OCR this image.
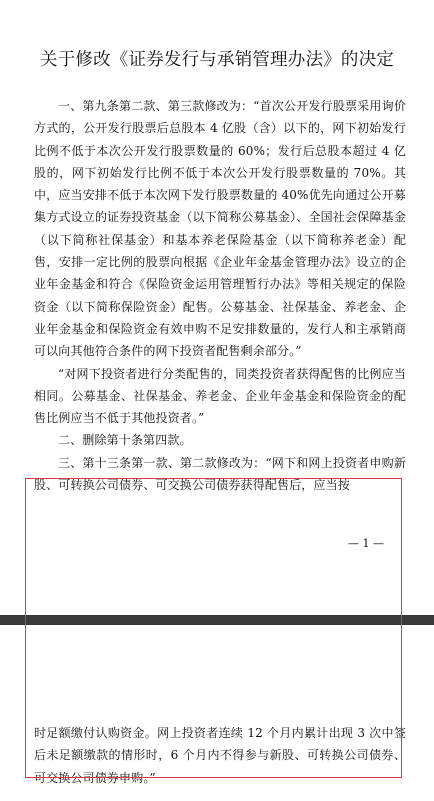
关于修改《证券发行与承销管理办法》的决定

一、第九条第二款、第三款修改为：“首次公开发行股票采用询价方式的，公开发行股票后总股本 4 亿股（含）以下的，网下初始发行比例不低于本次公开发行股票数量的 60%；发行后总股本超过 4 亿股的，网下初始发行比例不低于本次公开发行股票数量的 70%。其中，应当安排不低于本次网下发行股票数量的 40%优先向通过公开募集方式设立的证券投资基金（以下简称公募基金）、全国社会保障基金（以下简称社保基金）和基本养老保险基金（以下简称养老金）配售，安排一定比例的股票向根据《企业年金基金管理办法》设立的企业年金基金和符合《保险资金运用管理暂行办法》等相关规定的保险资金（以下简称保险资金）配售。公募基金、社保基金、养老金、企业年金基金和保险资金有效申购不足安排数量的，发行人和主承销商可以向其他符合条件的网下投资者配售剩余部分。”

“对网下投资者进行分类配售的，同类投资者获得配售的比例应当相同。公募基金、社保基金、养老金、企业年金基金和保险资金的配售比例应当不低于其他投资者。”

二、删除第十条第四款。

三、第十三条第一款、第二款修改为：“网下和网上投资者申购新股、可转换公司债券、可交换公司债券获得配售后，应当按

— 1 —

时足额缴付认购资金。网上投资者连续 12 个月内累计出现 3 次中签后未足额缴款的情形时，6 个月内不得参与新股、可转换公司债券、可交换公司债券申购。”
